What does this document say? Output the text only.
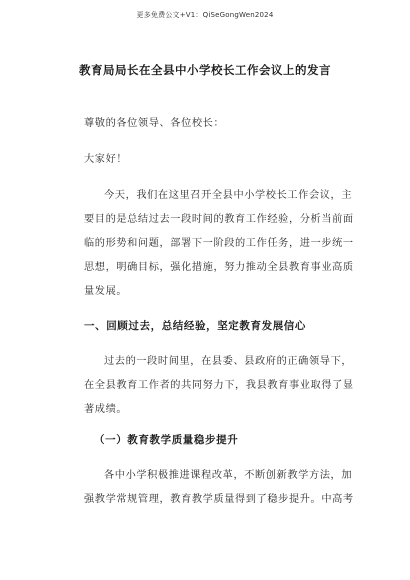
更多免费公文+V1：QiSeGongWen2024
教育局局长在全县中小学校长工作会议上的发言
尊敬的各位领导、各位校长：
大家好！
今天，我们在这里召开全县中小学校长工作会议，主
要目的是总结过去一段时间的教育工作经验，分析当前面
临的形势和问题，部署下一阶段的工作任务，进一步统一
思想，明确目标，强化措施，努力推动全县教育事业高质
量发展。
一、回顾过去，总结经验，坚定教育发展信心
过去的一段时间里，在县委、县政府的正确领导下，
在全县教育工作者的共同努力下，我县教育事业取得了显
著成绩。
（一）教育教学质量稳步提升
各中小学积极推进课程改革，不断创新教学方法，加
强教学常规管理，教育教学质量得到了稳步提升。中高考
